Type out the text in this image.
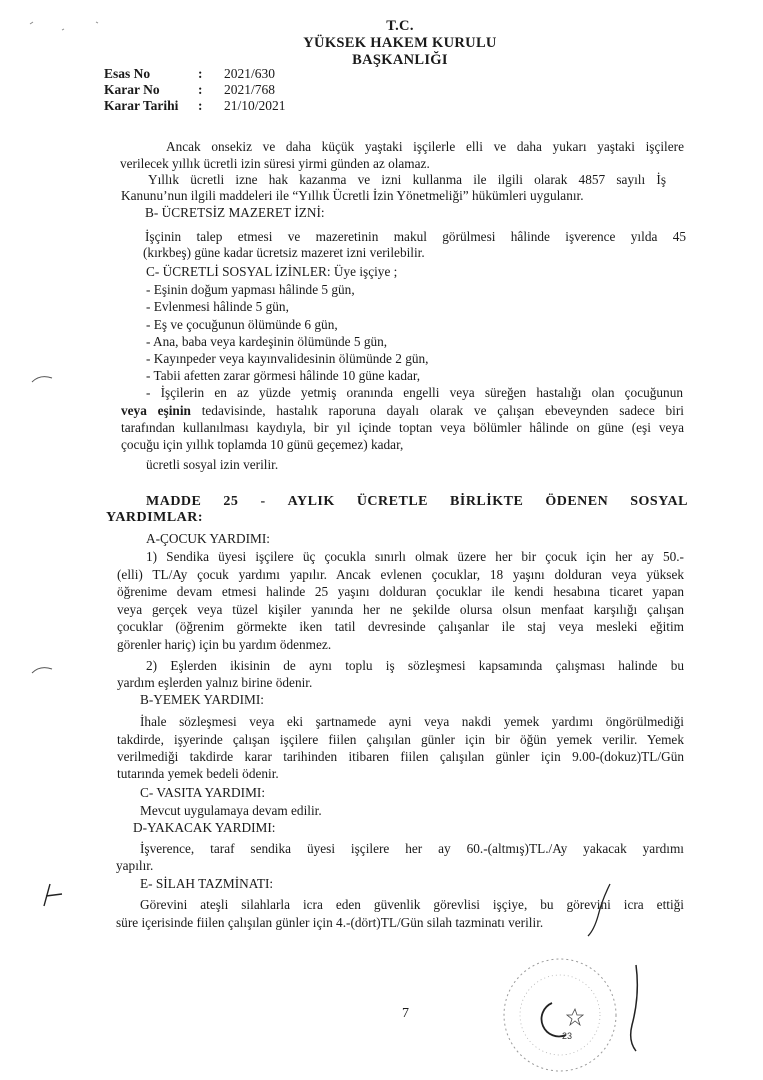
T.C.
YÜKSEK HAKEM KURULU
BAŞKANLIĞI
Esas No	:	2021/630
Karar No	:	2021/768
Karar Tarihi	:	21/10/2021
Ancak onsekiz ve daha küçük yaştaki işçilerle elli ve daha yukarı yaştaki işçilere
verilecek yıllık ücretli izin süresi yirmi günden az olamaz.
Yıllık ücretli izne hak kazanma ve izni kullanma ile ilgili olarak 4857 sayılı İş
Kanunu’nun ilgili maddeleri ile “Yıllık Ücretli İzin Yönetmeliği” hükümleri uygulanır.
B- ÜCRETSİZ MAZERET İZNİ:
İşçinin talep etmesi ve mazeretinin makul görülmesi hâlinde işverence yılda 45
(kırkbeş) güne kadar ücretsiz mazeret izni verilebilir.
C- ÜCRETLİ SOSYAL İZİNLER: Üye işçiye ;
- Eşinin doğum yapması hâlinde 5 gün,
- Evlenmesi hâlinde 5 gün,
- Eş ve çocuğunun ölümünde 6 gün,
- Ana, baba veya kardeşinin ölümünde 5 gün,
- Kayınpeder veya kayınvalidesinin ölümünde 2 gün,
- Tabii afetten zarar görmesi hâlinde 10 güne kadar,
- İşçilerin en az yüzde yetmiş oranında engelli veya süreğen hastalığı olan çocuğunun
veya eşinin tedavisinde, hastalık raporuna dayalı olarak ve çalışan ebeveynden sadece biri
tarafından kullanılması kaydıyla, bir yıl içinde toptan veya bölümler hâlinde on güne (eşi veya
çocuğu için yıllık toplamda 10 günü geçemez) kadar,
ücretli sosyal izin verilir.
MADDE 25 - AYLIK ÜCRETLE BİRLİKTE ÖDENEN SOSYAL
YARDIMLAR:
A-ÇOCUK YARDIMI:
1) Sendika üyesi işçilere üç çocukla sınırlı olmak üzere her bir çocuk için her ay 50.-
(elli) TL/Ay çocuk yardımı yapılır. Ancak evlenen çocuklar, 18 yaşını dolduran veya yüksek
öğrenime devam etmesi halinde 25 yaşını dolduran çocuklar ile kendi hesabına ticaret yapan
veya gerçek veya tüzel kişiler yanında her ne şekilde olursa olsun menfaat karşılığı çalışan
çocuklar (öğrenim görmekte iken tatil devresinde çalışanlar ile staj veya mesleki eğitim
görenler hariç) için bu yardım ödenmez.
2) Eşlerden ikisinin de aynı toplu iş sözleşmesi kapsamında çalışması halinde bu
yardım eşlerden yalnız birine ödenir.
B-YEMEK YARDIMI:
İhale sözleşmesi veya eki şartnamede ayni veya nakdi yemek yardımı öngörülmediği
takdirde, işyerinde çalışan işçilere fiilen çalışılan günler için bir öğün yemek verilir. Yemek
verilmediği takdirde karar tarihinden itibaren fiilen çalışılan günler için 9.00-(dokuz)TL/Gün
tutarında yemek bedeli ödenir.
C- VASITA YARDIMI:
Mevcut uygulamaya devam edilir.
D-YAKACAK YARDIMI:
İşverence, taraf sendika üyesi işçilere her ay 60.-(altmış)TL./Ay yakacak yardımı
yapılır.
E- SİLAH TAZMİNATI:
Görevini ateşli silahlarla icra eden güvenlik görevlisi işçiye, bu görevini icra ettiği
süre içerisinde fiilen çalışılan günler için 4.-(dört)TL/Gün silah tazminatı verilir.
7
23
